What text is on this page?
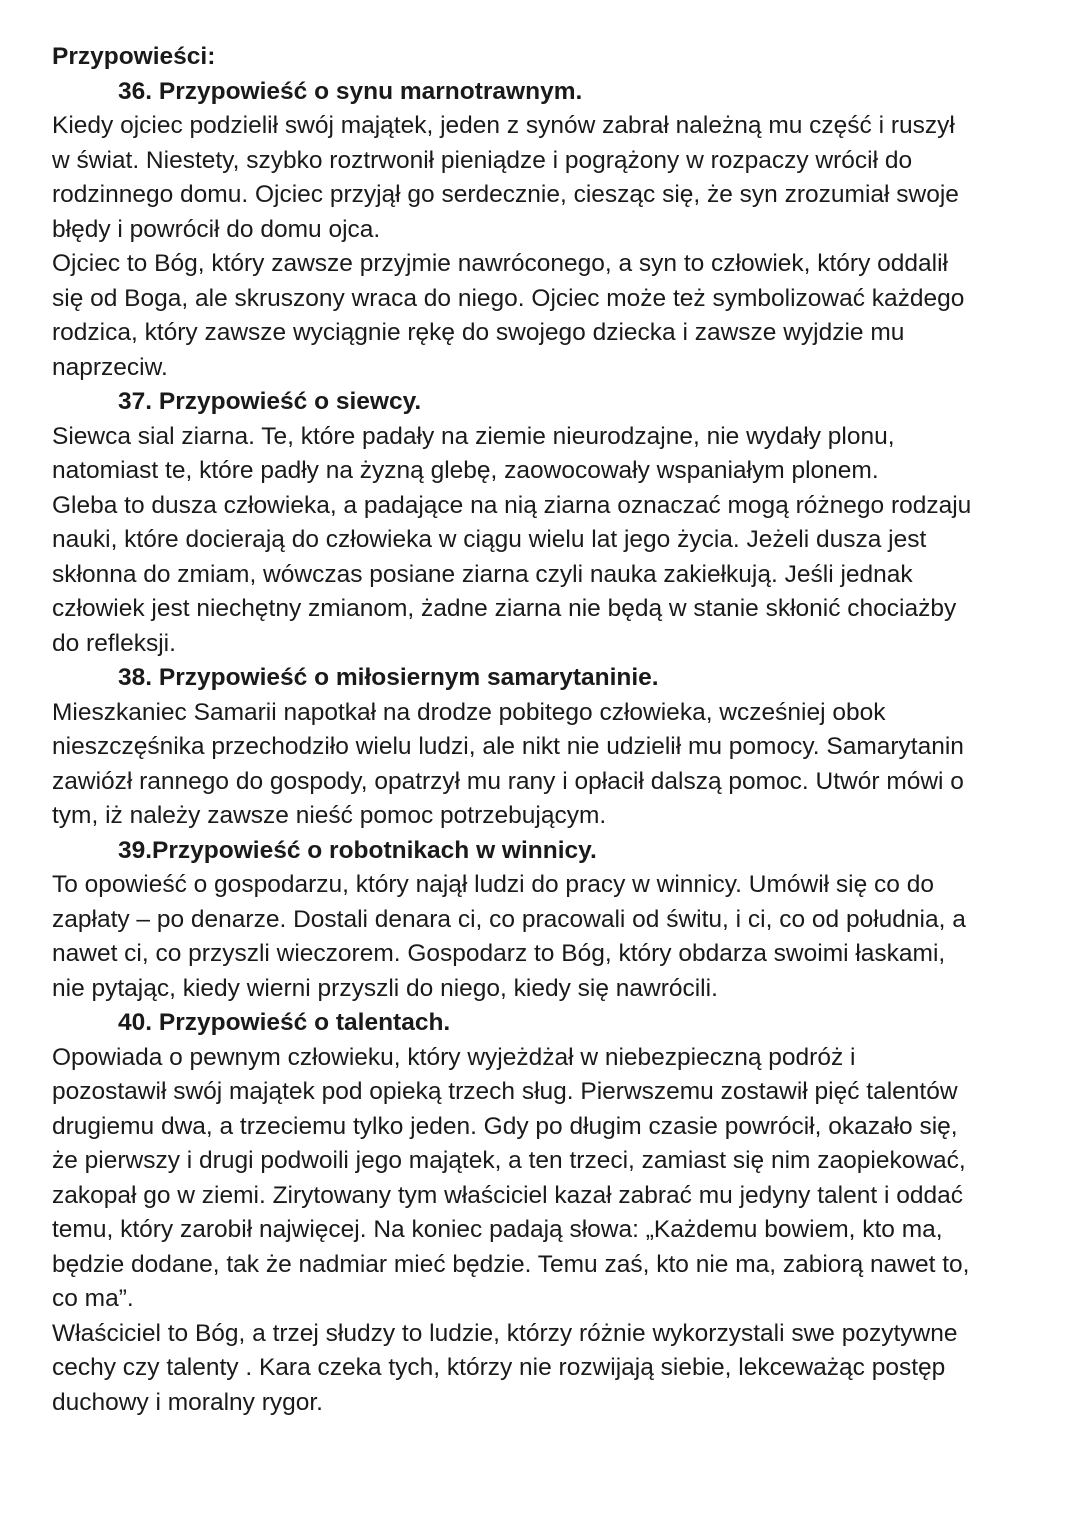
Przypowieści:

36. Przypowieść o synu marnotrawnym.

Kiedy ojciec podzielił swój majątek, jeden z synów zabrał należną mu część i ruszył
w świat. Niestety, szybko roztrwonił pieniądze i pogrążony w rozpaczy wrócił do
rodzinnego domu. Ojciec przyjął go serdecznie, ciesząc się, że syn zrozumiał swoje
błędy i powrócił do domu ojca.

Ojciec to Bóg, który zawsze przyjmie nawróconego, a syn to człowiek, który oddalił
się od Boga, ale skruszony wraca do niego. Ojciec może też symbolizować każdego
rodzica, który zawsze wyciągnie rękę do swojego dziecka i zawsze wyjdzie mu
naprzeciw.

37. Przypowieść o siewcy.

Siewca sial ziarna. Te, które padały na ziemie nieurodzajne, nie wydały plonu,
natomiast te, które padły na żyzną glebę, zaowocowały wspaniałym plonem.

Gleba to dusza człowieka, a padające na nią ziarna oznaczać mogą różnego rodzaju
nauki, które docierają do człowieka w ciągu wielu lat jego życia. Jeżeli dusza jest
skłonna do zmiam, wówczas posiane ziarna czyli nauka zakiełkują. Jeśli jednak
człowiek jest niechętny zmianom, żadne ziarna nie będą w stanie skłonić chociażby
do refleksji.

38. Przypowieść o miłosiernym samarytaninie.

Mieszkaniec Samarii napotkał na drodze pobitego człowieka, wcześniej obok
nieszczęśnika przechodziło wielu ludzi, ale nikt nie udzielił mu pomocy. Samarytanin
zawiózł rannego do gospody, opatrzył mu rany i opłacił dalszą pomoc. Utwór mówi o
tym, iż należy zawsze nieść pomoc potrzebującym.

39.Przypowieść o robotnikach w winnicy.

To opowieść o gospodarzu, który najął ludzi do pracy w winnicy. Umówił się co do
zapłaty – po denarze. Dostali denara ci, co pracowali od świtu, i ci, co od południa, a
nawet ci, co przyszli wieczorem. Gospodarz to Bóg, który obdarza swoimi łaskami,
nie pytając, kiedy wierni przyszli do niego, kiedy się nawrócili.

40. Przypowieść o talentach.

Opowiada o pewnym człowieku, który wyjeżdżał w niebezpieczną podróż i
pozostawił swój majątek pod opieką trzech sług. Pierwszemu zostawił pięć talentów
drugiemu dwa, a trzeciemu tylko jeden. Gdy po długim czasie powrócił, okazało się,
że pierwszy i drugi podwoili jego majątek, a ten trzeci, zamiast się nim zaopiekować,
zakopał go w ziemi. Zirytowany tym właściciel kazał zabrać mu jedyny talent i oddać
temu, który zarobił najwięcej. Na koniec padają słowa: „Każdemu bowiem, kto ma,
będzie dodane, tak że nadmiar mieć będzie. Temu zaś, kto nie ma, zabiorą nawet to,
co ma”.

Właściciel to Bóg, a trzej słudzy to ludzie, którzy różnie wykorzystali swe pozytywne
cechy czy talenty . Kara czeka tych, którzy nie rozwijają siebie, lekceważąc postęp
duchowy i moralny rygor.
